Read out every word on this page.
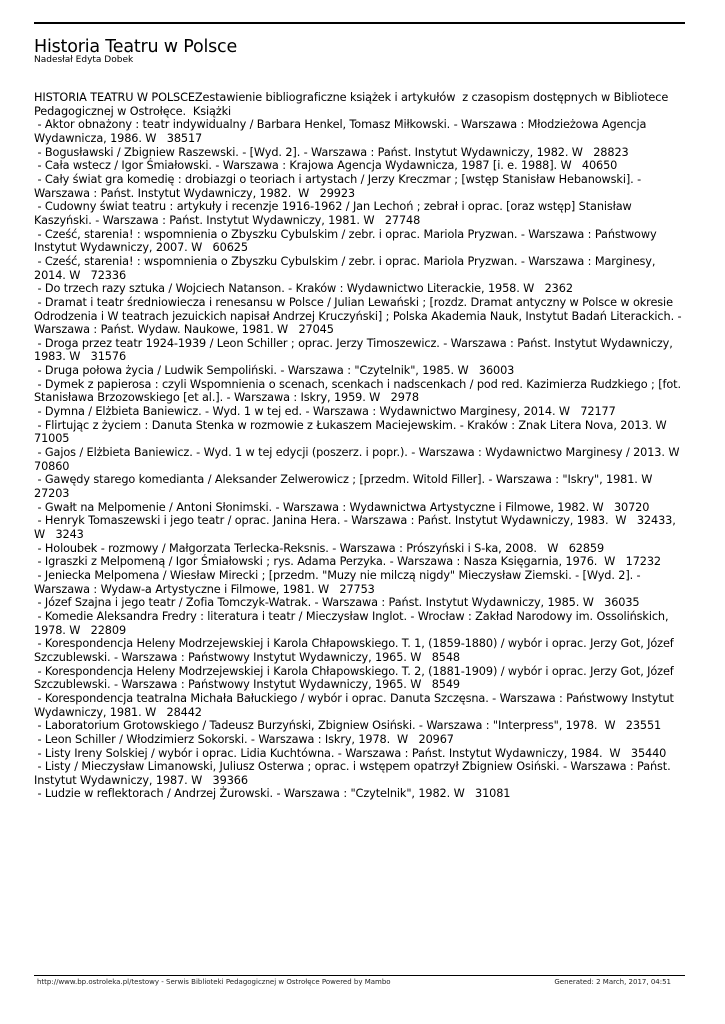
Historia Teatru w Polsce
Nadesłał Edyta Dobek

HISTORIA TEATRU W POLSCEZestawienie bibliograficzne książek i artykułów  z czasopism dostępnych w Bibliotece Pedagogicznej w Ostrołęce.  Książki

- Aktor obnażony : teatr indywidualny / Barbara Henkel, Tomasz Miłkowski. - Warszawa : Młodzieżowa Agencja Wydawnicza, 1986. W   38517
- Bogusławski / Zbigniew Raszewski. - [Wyd. 2]. - Warszawa : Państ. Instytut Wydawniczy, 1982. W   28823
- Cała wstecz / Igor Śmiałowski. - Warszawa : Krajowa Agencja Wydawnicza, 1987 [i. e. 1988]. W   40650
- Cały świat gra komedię : drobiazgi o teoriach i artystach / Jerzy Kreczmar ; [wstęp Stanisław Hebanowski]. - Warszawa : Państ. Instytut Wydawniczy, 1982.  W   29923
- Cudowny świat teatru : artykuły i recenzje 1916-1962 / Jan Lechoń ; zebrał i oprac. [oraz wstęp] Stanisław Kaszyński. - Warszawa : Państ. Instytut Wydawniczy, 1981. W   27748
- Cześć, starenia! : wspomnienia o Zbyszku Cybulskim / zebr. i oprac. Mariola Pryzwan. - Warszawa : Państwowy Instytut Wydawniczy, 2007. W   60625
- Cześć, starenia! : wspomnienia o Zbyszku Cybulskim / zebr. i oprac. Mariola Pryzwan. - Warszawa : Marginesy, 2014. W   72336
- Do trzech razy sztuka / Wojciech Natanson. - Kraków : Wydawnictwo Literackie, 1958. W   2362
- Dramat i teatr średniowiecza i renesansu w Polsce / Julian Lewański ; [rozdz. Dramat antyczny w Polsce w okresie Odrodzenia i W teatrach jezuickich napisał Andrzej Kruczyński] ; Polska Akademia Nauk, Instytut Badań Literackich. - Warszawa : Państ. Wydaw. Naukowe, 1981. W   27045
- Droga przez teatr 1924-1939 / Leon Schiller ; oprac. Jerzy Timoszewicz. - Warszawa : Państ. Instytut Wydawniczy, 1983. W   31576
- Druga połowa życia / Ludwik Sempoliński. - Warszawa : "Czytelnik", 1985. W   36003
- Dymek z papierosa : czyli Wspomnienia o scenach, scenkach i nadscenkach / pod red. Kazimierza Rudzkiego ; [fot. Stanisława Brzozowskiego [et al.]. - Warszawa : Iskry, 1959. W   2978
- Dymna / Elżbieta Baniewicz. - Wyd. 1 w tej ed. - Warszawa : Wydawnictwo Marginesy, 2014. W   72177
- Flirtując z życiem : Danuta Stenka w rozmowie z Łukaszem Maciejewskim. - Kraków : Znak Litera Nova, 2013. W   71005
- Gajos / Elżbieta Baniewicz. - Wyd. 1 w tej edycji (poszerz. i popr.). - Warszawa : Wydawnictwo Marginesy / 2013. W   70860
- Gawędy starego komedianta / Aleksander Zelwerowicz ; [przedm. Witold Filler]. - Warszawa : "Iskry", 1981. W   27203
- Gwałt na Melpomenie / Antoni Słonimski. - Warszawa : Wydawnictwa Artystyczne i Filmowe, 1982. W   30720
- Henryk Tomaszewski i jego teatr / oprac. Janina Hera. - Warszawa : Państ. Instytut Wydawniczy, 1983.  W   32433, W   3243
- Holoubek - rozmowy / Małgorzata Terlecka-Reksnis. - Warszawa : Prószyński i S-ka, 2008.   W   62859
- Igraszki z Melpomeną / Igor Śmiałowski ; rys. Adama Perzyka. - Warszawa : Nasza Księgarnia, 1976.  W   17232
- Jeniecka Melpomena / Wiesław Mirecki ; [przedm. "Muzy nie milczą nigdy" Mieczysław Ziemski. - [Wyd. 2]. - Warszawa : Wydaw-a Artystyczne i Filmowe, 1981. W   27753
- Józef Szajna i jego teatr / Zofia Tomczyk-Watrak. - Warszawa : Państ. Instytut Wydawniczy, 1985. W   36035
- Komedie Aleksandra Fredry : literatura i teatr / Mieczysław Inglot. - Wrocław : Zakład Narodowy im. Ossolińskich, 1978. W   22809
- Korespondencja Heleny Modrzejewskiej i Karola Chłapowskiego. T. 1, (1859-1880) / wybór i oprac. Jerzy Got, Józef Szczublewski. - Warszawa : Państwowy Instytut Wydawniczy, 1965. W   8548
- Korespondencja Heleny Modrzejewskiej i Karola Chłapowskiego. T. 2, (1881-1909) / wybór i oprac. Jerzy Got, Józef Szczublewski. - Warszawa : Państwowy Instytut Wydawniczy, 1965. W   8549
- Korespondencja teatralna Michała Bałuckiego / wybór i oprac. Danuta Szczęsna. - Warszawa : Państwowy Instytut Wydawniczy, 1981. W   28442
- Laboratorium Grotowskiego / Tadeusz Burzyński, Zbigniew Osiński. - Warszawa : "Interpress", 1978.  W   23551
- Leon Schiller / Włodzimierz Sokorski. - Warszawa : Iskry, 1978.  W   20967
- Listy Ireny Solskiej / wybór i oprac. Lidia Kuchtówna. - Warszawa : Państ. Instytut Wydawniczy, 1984.  W   35440
- Listy / Mieczysław Limanowski, Juliusz Osterwa ; oprac. i wstępem opatrzył Zbigniew Osiński. - Warszawa : Państ. Instytut Wydawniczy, 1987. W   39366
- Ludzie w reflektorach / Andrzej Żurowski. - Warszawa : "Czytelnik", 1982. W   31081
http://www.bp.ostroleka.pl/testowy - Serwis Biblioteki Pedagogicznej w Ostrołęce Powered by Mambo	Generated: 2 March, 2017, 04:51
